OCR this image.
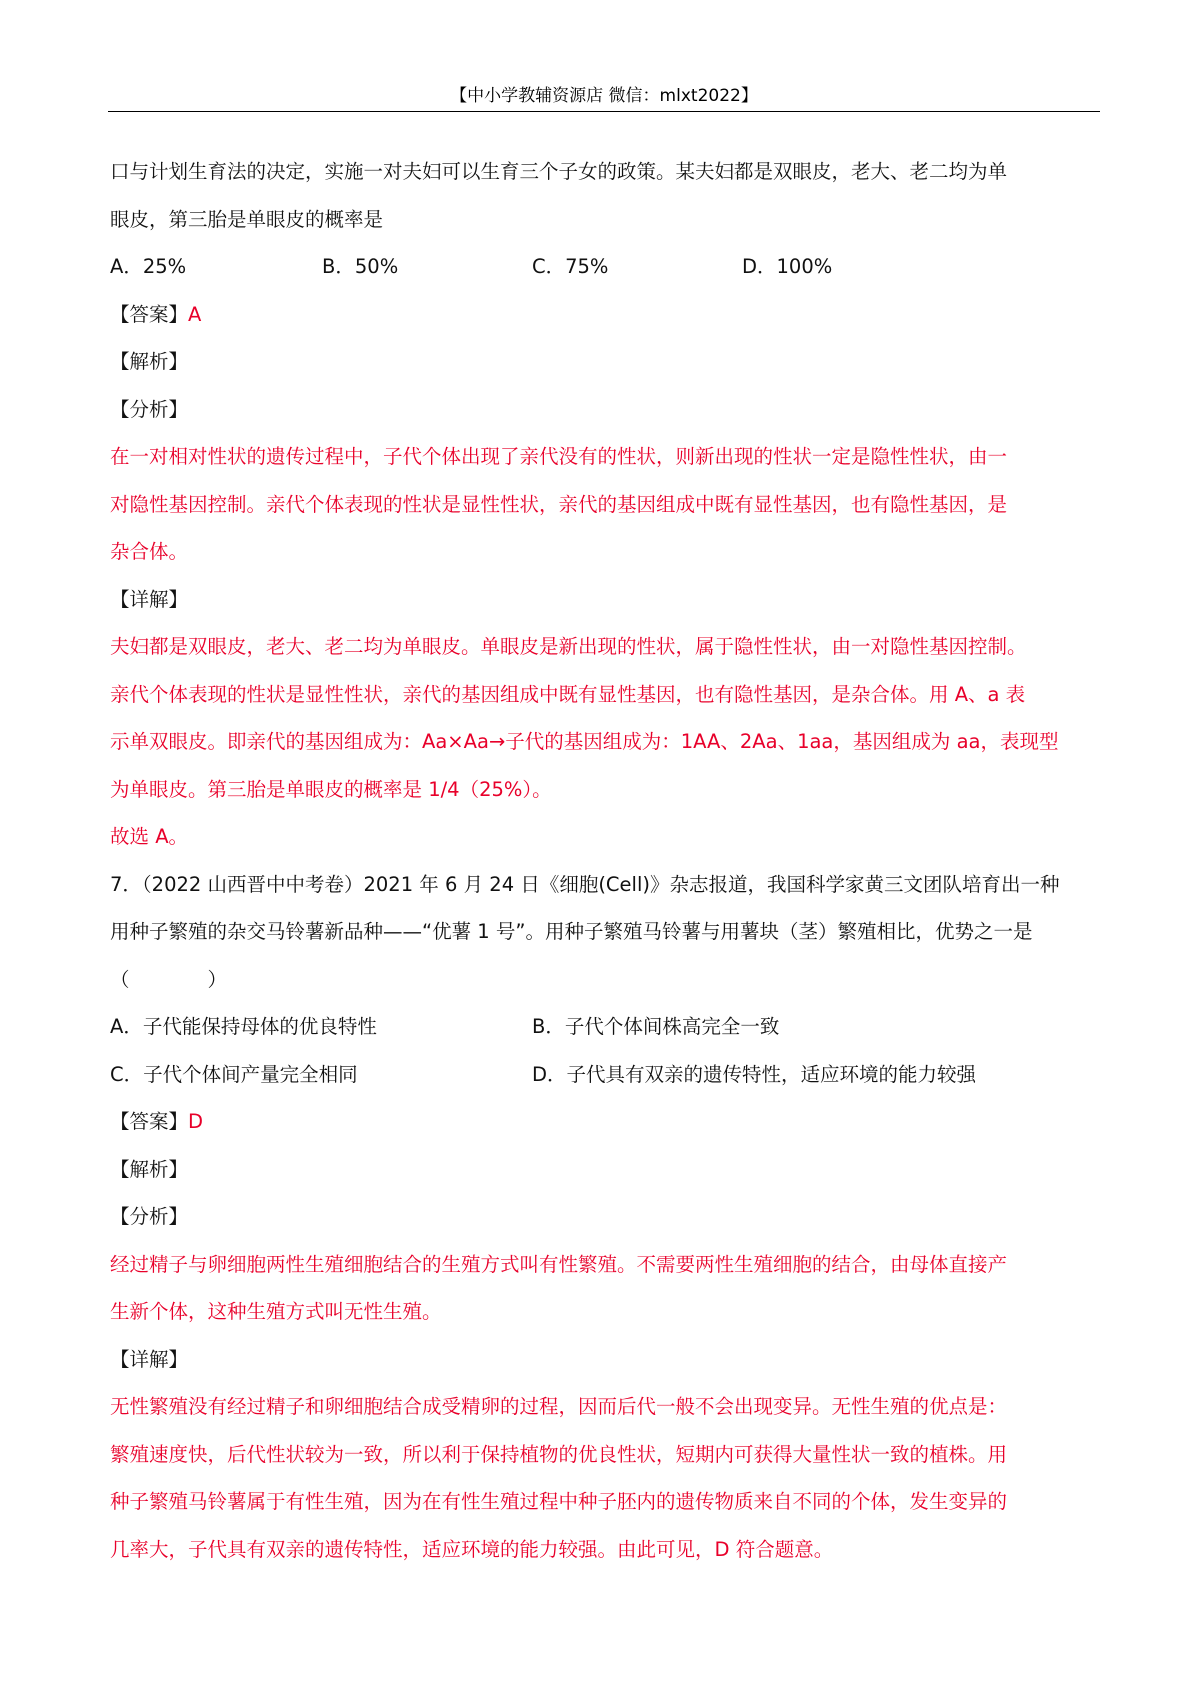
【中小学教辅资源店 微信：mlxt2022】
口与计划生育法的决定，实施一对夫妇可以生育三个子女的政策。某夫妇都是双眼皮，老大、老二均为单
眼皮，第三胎是单眼皮的概率是
A．25%	B．50%	C．75%	D．100%
【答案】A
【解析】
【分析】
在一对相对性状的遗传过程中，子代个体出现了亲代没有的性状，则新出现的性状一定是隐性性状，由一
对隐性基因控制。亲代个体表现的性状是显性性状，亲代的基因组成中既有显性基因，也有隐性基因，是
杂合体。
【详解】
夫妇都是双眼皮，老大、老二均为单眼皮。单眼皮是新出现的性状，属于隐性性状，由一对隐性基因控制。
亲代个体表现的性状是显性性状，亲代的基因组成中既有显性基因，也有隐性基因，是杂合体。用 A、a 表
示单双眼皮。即亲代的基因组成为：Aa×Aa→子代的基因组成为：1AA、2Aa、1aa，基因组成为 aa，表现型
为单眼皮。第三胎是单眼皮的概率是 1/4（25%）。
故选 A。
7．（2022 山西晋中中考卷）2021 年 6 月 24 日《细胞(Cell)》杂志报道，我国科学家黄三文团队培育出一种
用种子繁殖的杂交马铃薯新品种——“优薯 1 号”。用种子繁殖马铃薯与用薯块（茎）繁殖相比，优势之一是
（　　　　）
A．子代能保持母体的优良特性	B．子代个体间株高完全一致
C．子代个体间产量完全相同	D．子代具有双亲的遗传特性，适应环境的能力较强
【答案】D
【解析】
【分析】
经过精子与卵细胞两性生殖细胞结合的生殖方式叫有性繁殖。不需要两性生殖细胞的结合，由母体直接产
生新个体，这种生殖方式叫无性生殖。
【详解】
无性繁殖没有经过精子和卵细胞结合成受精卵的过程，因而后代一般不会出现变异。无性生殖的优点是：
繁殖速度快，后代性状较为一致，所以利于保持植物的优良性状，短期内可获得大量性状一致的植株。用
种子繁殖马铃薯属于有性生殖，因为在有性生殖过程中种子胚内的遗传物质来自不同的个体，发生变异的
几率大，子代具有双亲的遗传特性，适应环境的能力较强。由此可见，D 符合题意。
